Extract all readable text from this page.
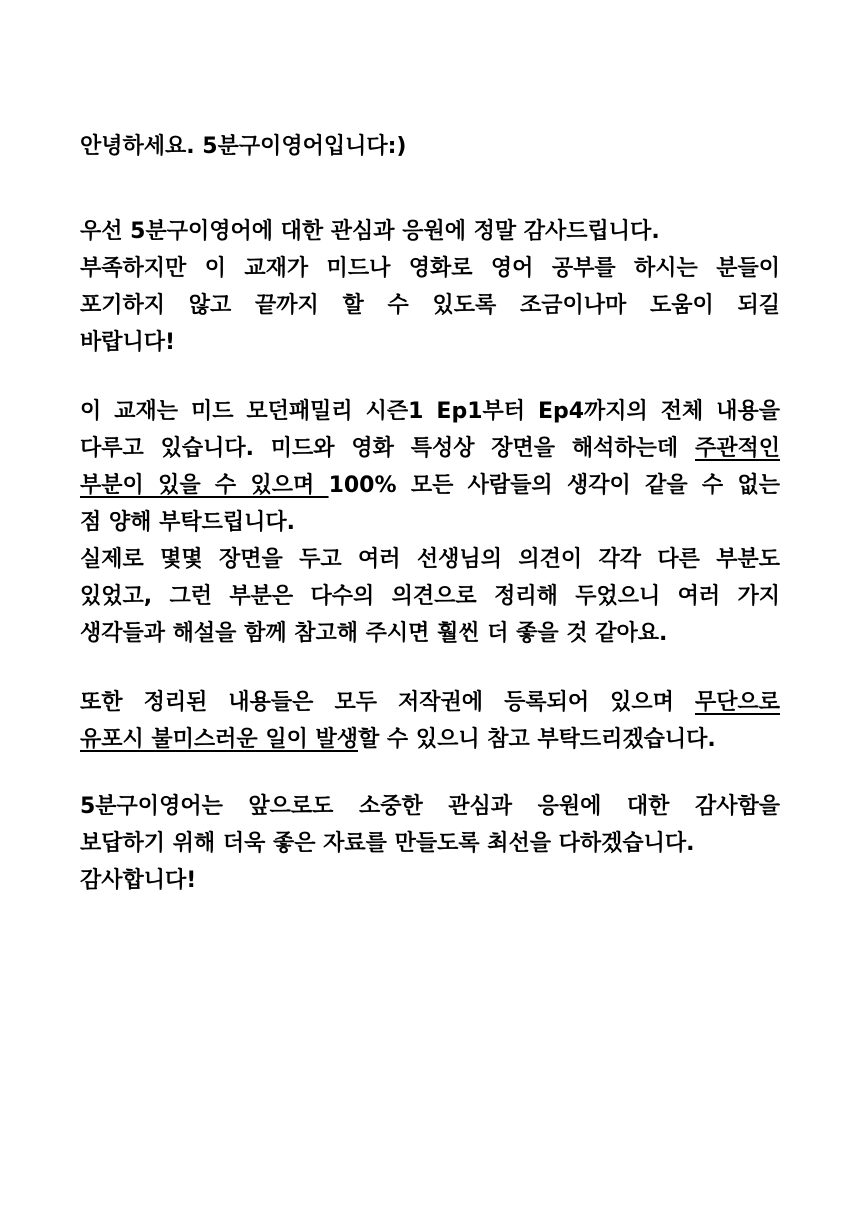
안녕하세요. 5분구이영어입니다:)
우선 5분구이영어에 대한 관심과 응원에 정말 감사드립니다.
부족하지만 이 교재가 미드나 영화로 영어 공부를 하시는 분들이
포기하지 않고 끝까지 할 수 있도록 조금이나마 도움이 되길
바랍니다!
이 교재는 미드 모던패밀리 시즌1 Ep1부터 Ep4까지의 전체 내용을
다루고 있습니다. 미드와 영화 특성상 장면을 해석하는데 주관적인
부분이 있을 수 있으며 100% 모든 사람들의 생각이 같을 수 없는
점 양해 부탁드립니다.
실제로 몇몇 장면을 두고 여러 선생님의 의견이 각각 다른 부분도
있었고, 그런 부분은 다수의 의견으로 정리해 두었으니 여러 가지
생각들과 해설을 함께 참고해 주시면 훨씬 더 좋을 것 같아요.
또한 정리된 내용들은 모두 저작권에 등록되어 있으며 무단으로
유포시 불미스러운 일이 발생할 수 있으니 참고 부탁드리겠습니다.
5분구이영어는 앞으로도 소중한 관심과 응원에 대한 감사함을
보답하기 위해 더욱 좋은 자료를 만들도록 최선을 다하겠습니다.
감사합니다!
